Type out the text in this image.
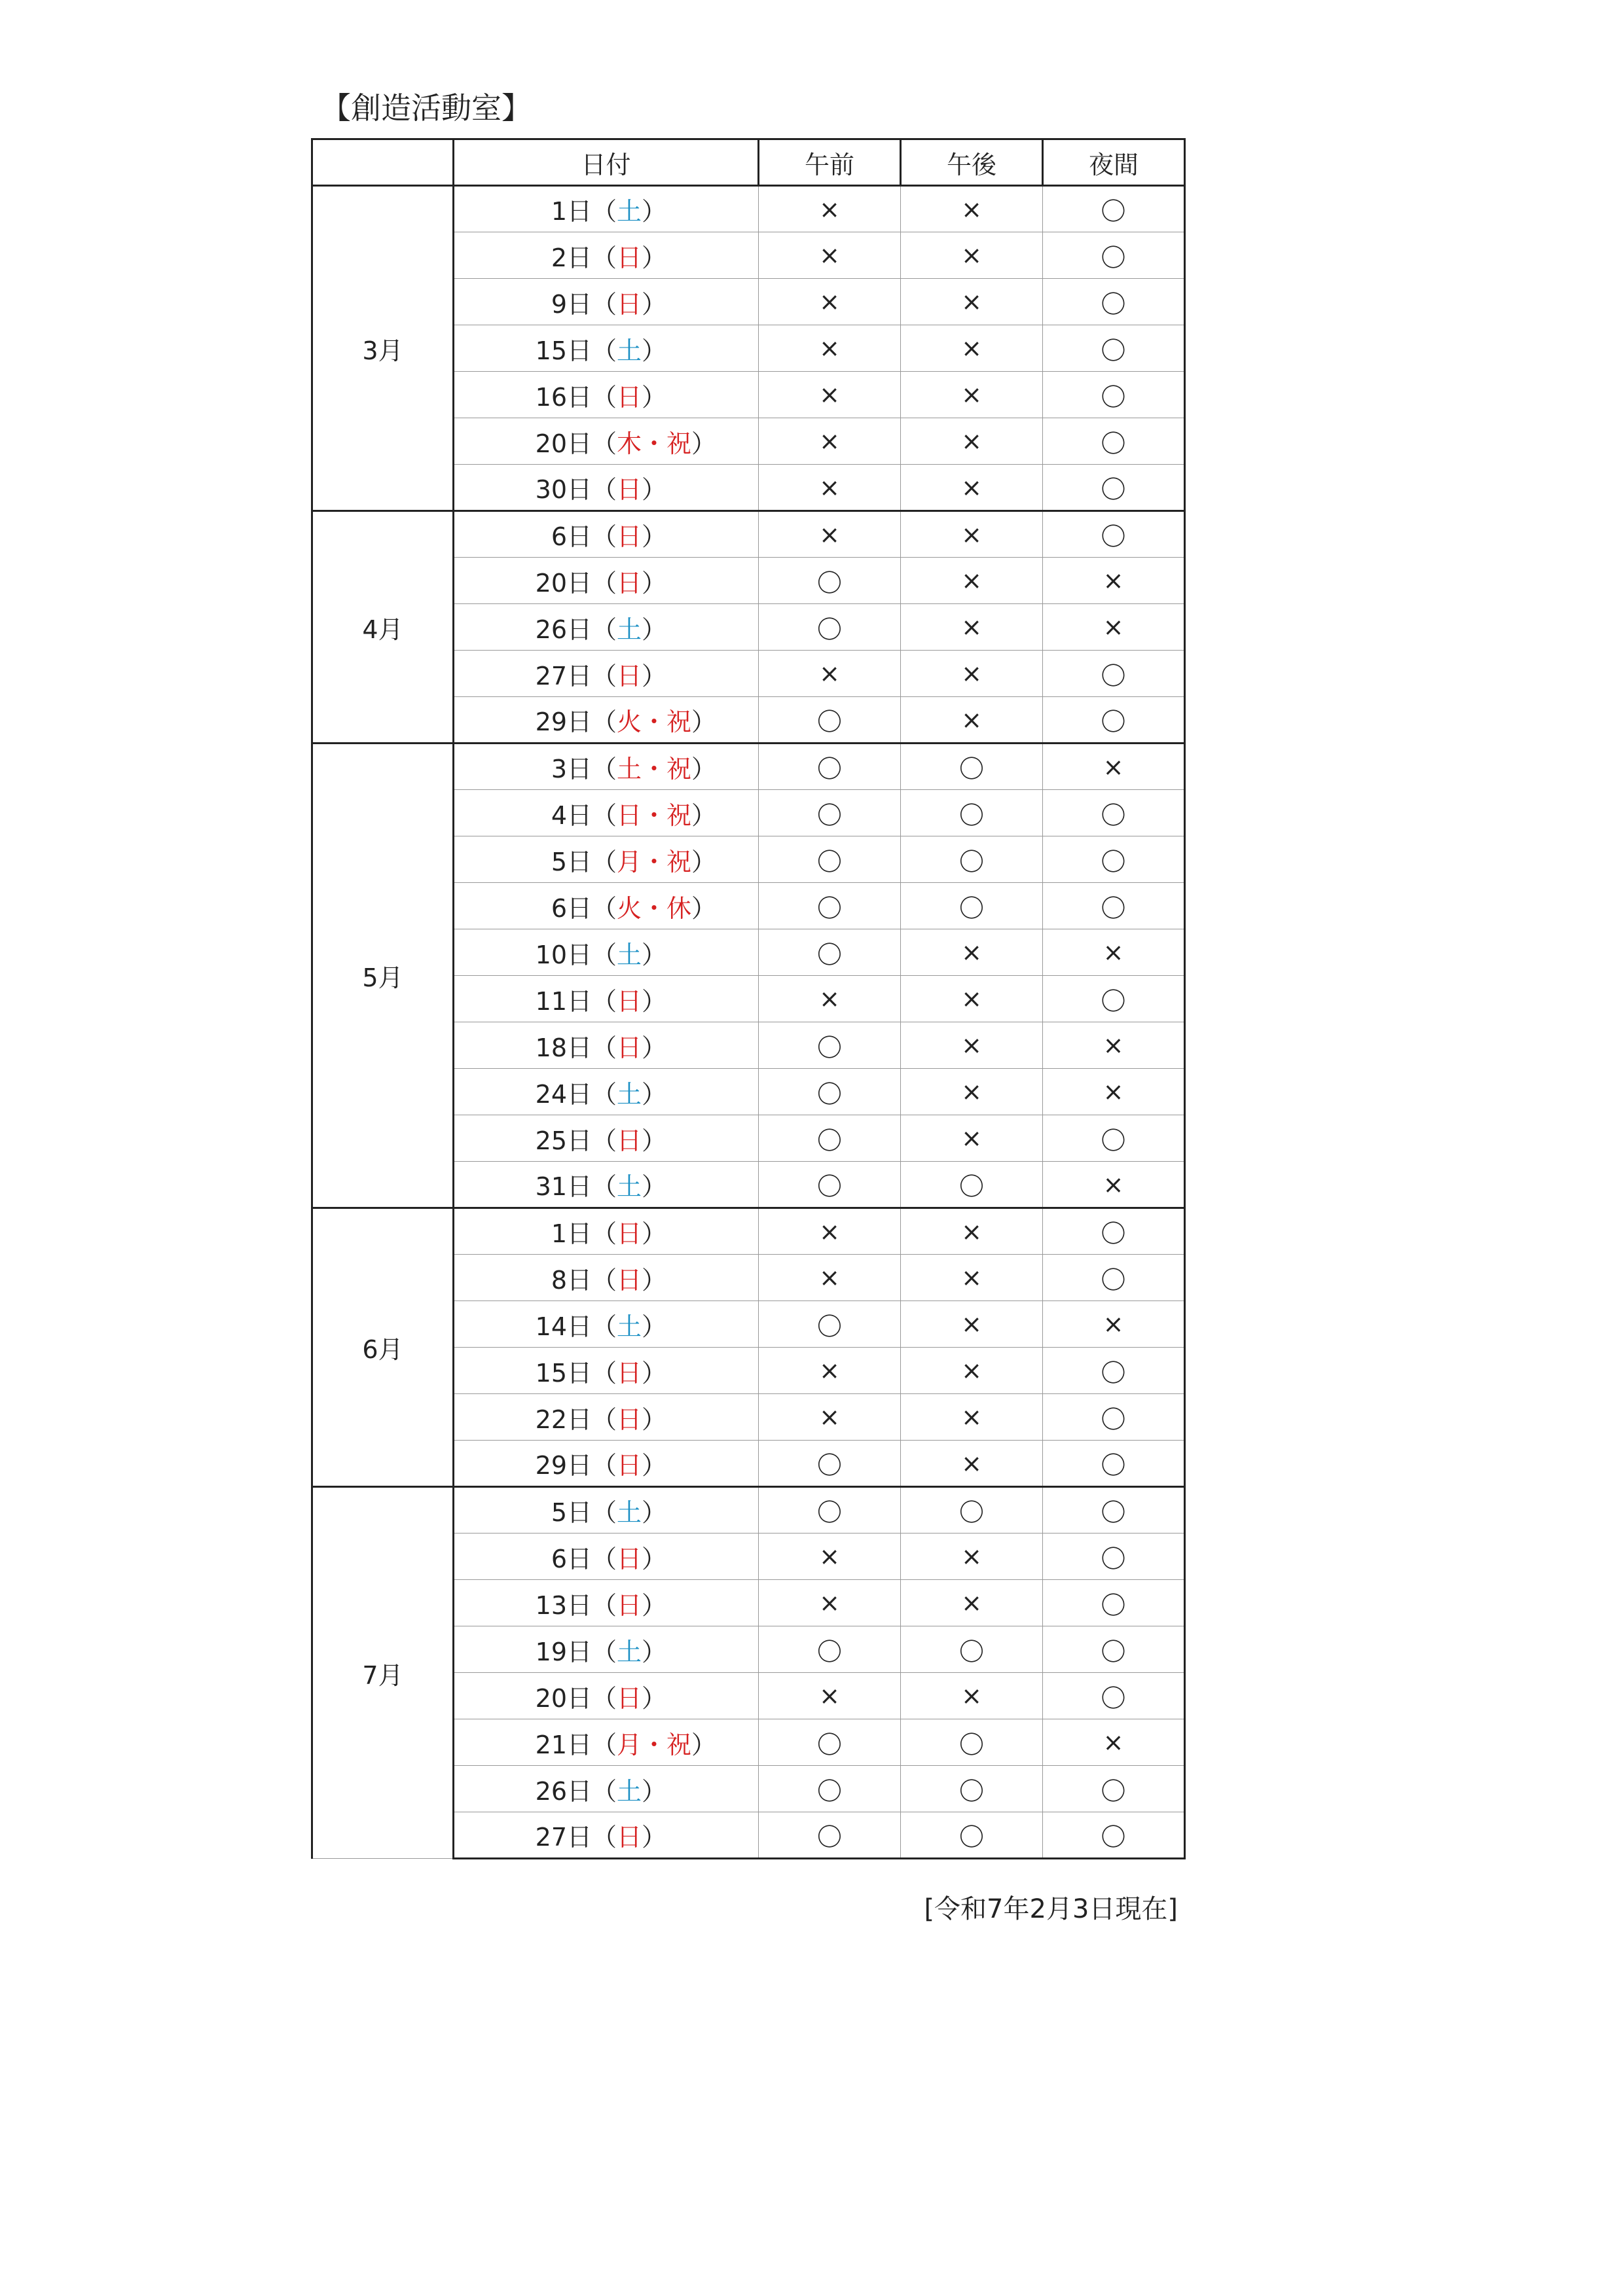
【創造活動室】
	日付	午前	午後	夜間
3月	1日（土）	×	×	〇
	2日（日）	×	×	〇
	9日（日）	×	×	〇
	15日（土）	×	×	〇
	16日（日）	×	×	〇
	20日（木・祝）	×	×	〇
	30日（日）	×	×	〇
4月	6日（日）	×	×	〇
	20日（日）	〇	×	×
	26日（土）	〇	×	×
	27日（日）	×	×	〇
	29日（火・祝）	〇	×	〇
5月	3日（土・祝）	〇	〇	×
	4日（日・祝）	〇	〇	〇
	5日（月・祝）	〇	〇	〇
	6日（火・休）	〇	〇	〇
	10日（土）	〇	×	×
	11日（日）	×	×	〇
	18日（日）	〇	×	×
	24日（土）	〇	×	×
	25日（日）	〇	×	〇
	31日（土）	〇	〇	×
6月	1日（日）	×	×	〇
	8日（日）	×	×	〇
	14日（土）	〇	×	×
	15日（日）	×	×	〇
	22日（日）	×	×	〇
	29日（日）	〇	×	〇
7月	5日（土）	〇	〇	〇
	6日（日）	×	×	〇
	13日（日）	×	×	〇
	19日（土）	〇	〇	〇
	20日（日）	×	×	〇
	21日（月・祝）	〇	〇	×
	26日（土）	〇	〇	〇
	27日（日）	〇	〇	〇
[令和7年2月3日現在]
